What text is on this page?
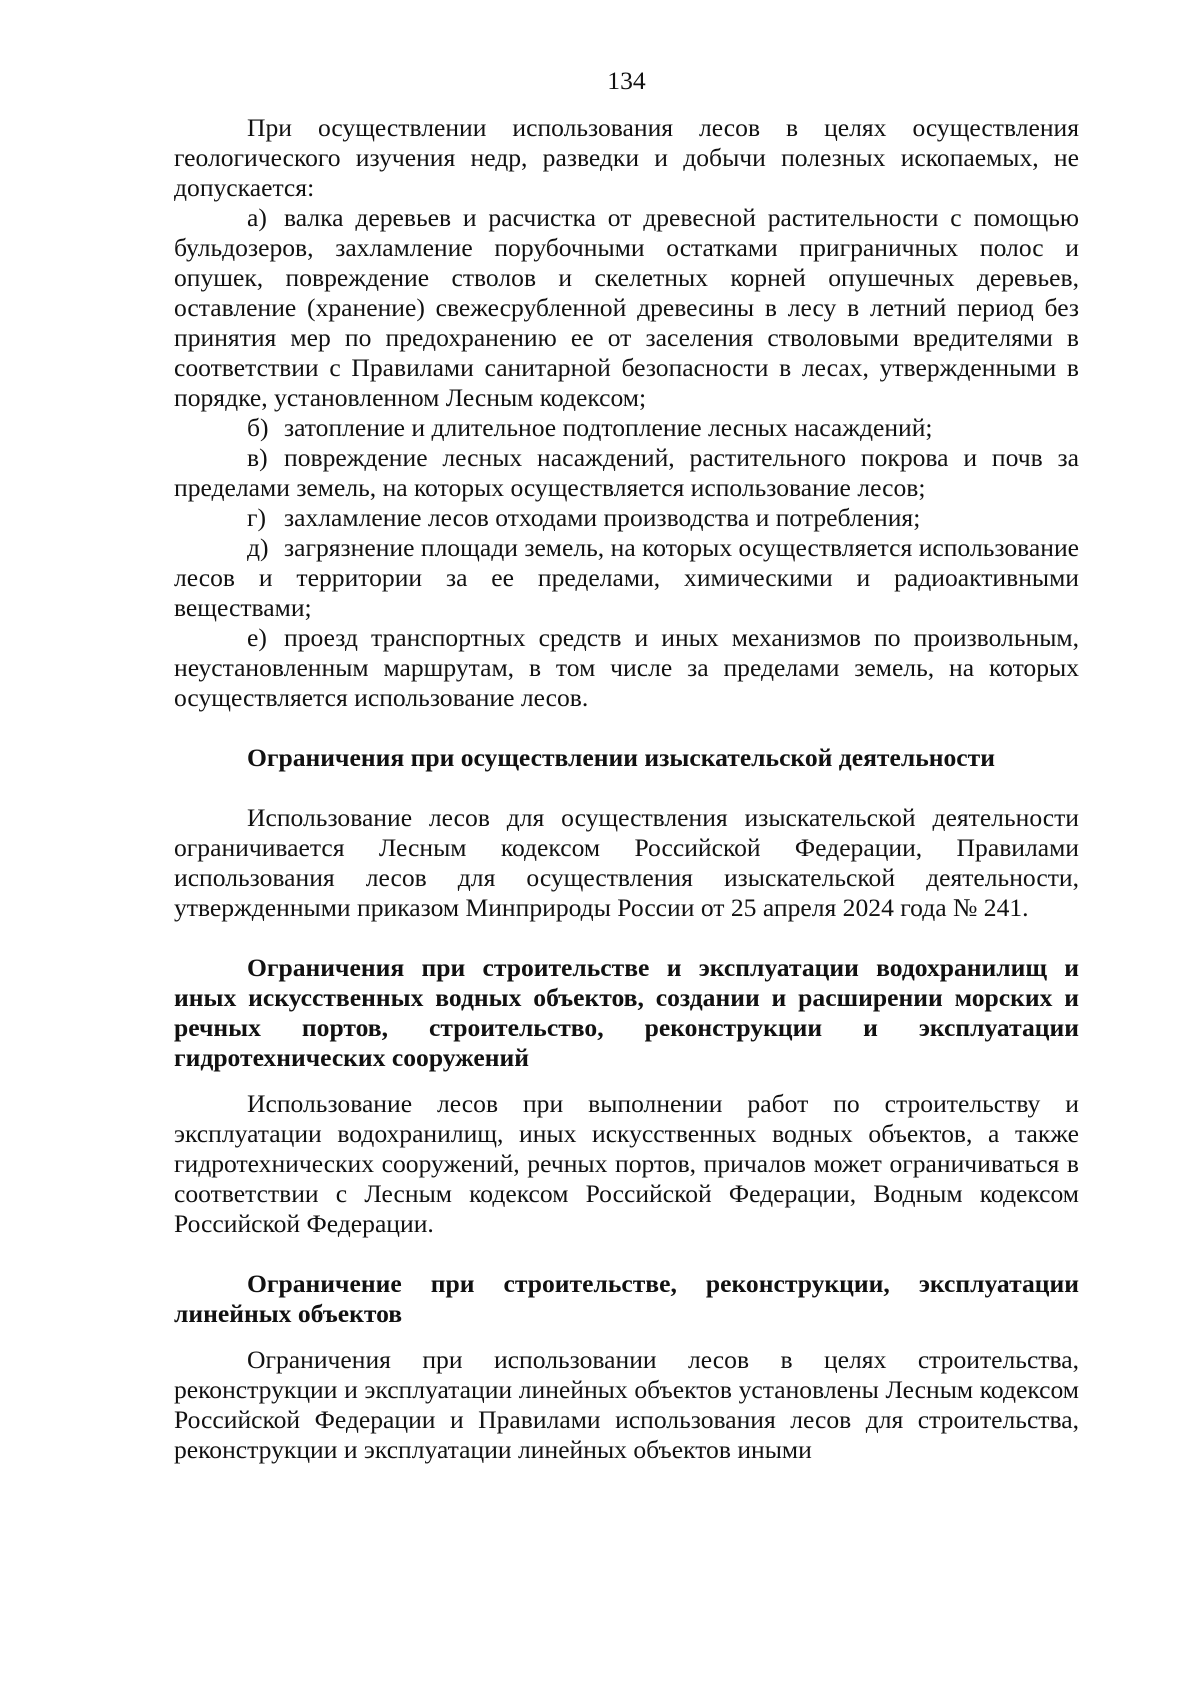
134

При осуществлении использования лесов в целях осуществления геологического изучения недр, разведки и добычи полезных ископаемых, не допускается:

а) валка деревьев и расчистка от древесной растительности с помощью бульдозеров, захламление порубочными остатками приграничных полос и опушек, повреждение стволов и скелетных корней опушечных деревьев, оставление (хранение) свежесрубленной древесины в лесу в летний период без принятия мер по предохранению ее от заселения стволовыми вредителями в соответствии с Правилами санитарной безопасности в лесах, утвержденными в порядке, установленном Лесным кодексом;

б) затопление и длительное подтопление лесных насаждений;

в) повреждение лесных насаждений, растительного покрова и почв за пределами земель, на которых осуществляется использование лесов;

г) захламление лесов отходами производства и потребления;

д) загрязнение площади земель, на которых осуществляется использование лесов и территории за ее пределами, химическими и радиоактивными веществами;

е) проезд транспортных средств и иных механизмов по произвольным, неустановленным маршрутам, в том числе за пределами земель, на которых осуществляется использование лесов.

Ограничения при осуществлении изыскательской деятельности

Использование лесов для осуществления изыскательской деятельности ограничивается Лесным кодексом Российской Федерации, Правилами использования лесов для осуществления изыскательской деятельности, утвержденными приказом Минприроды России от 25 апреля 2024 года № 241.

Ограничения при строительстве и эксплуатации водохранилищ и иных искусственных водных объектов, создании и расширении морских и речных портов, строительство, реконструкции и эксплуатации гидротехнических сооружений

Использование лесов при выполнении работ по строительству и эксплуатации водохранилищ, иных искусственных водных объектов, а также гидротехнических сооружений, речных портов, причалов может ограничиваться в соответствии с Лесным кодексом Российской Федерации, Водным кодексом Российской Федерации.

Ограничение при строительстве, реконструкции, эксплуатации линейных объектов

Ограничения при использовании лесов в целях строительства, реконструкции и эксплуатации линейных объектов установлены Лесным кодексом Российской Федерации и Правилами использования лесов для строительства, реконструкции и эксплуатации линейных объектов иными
